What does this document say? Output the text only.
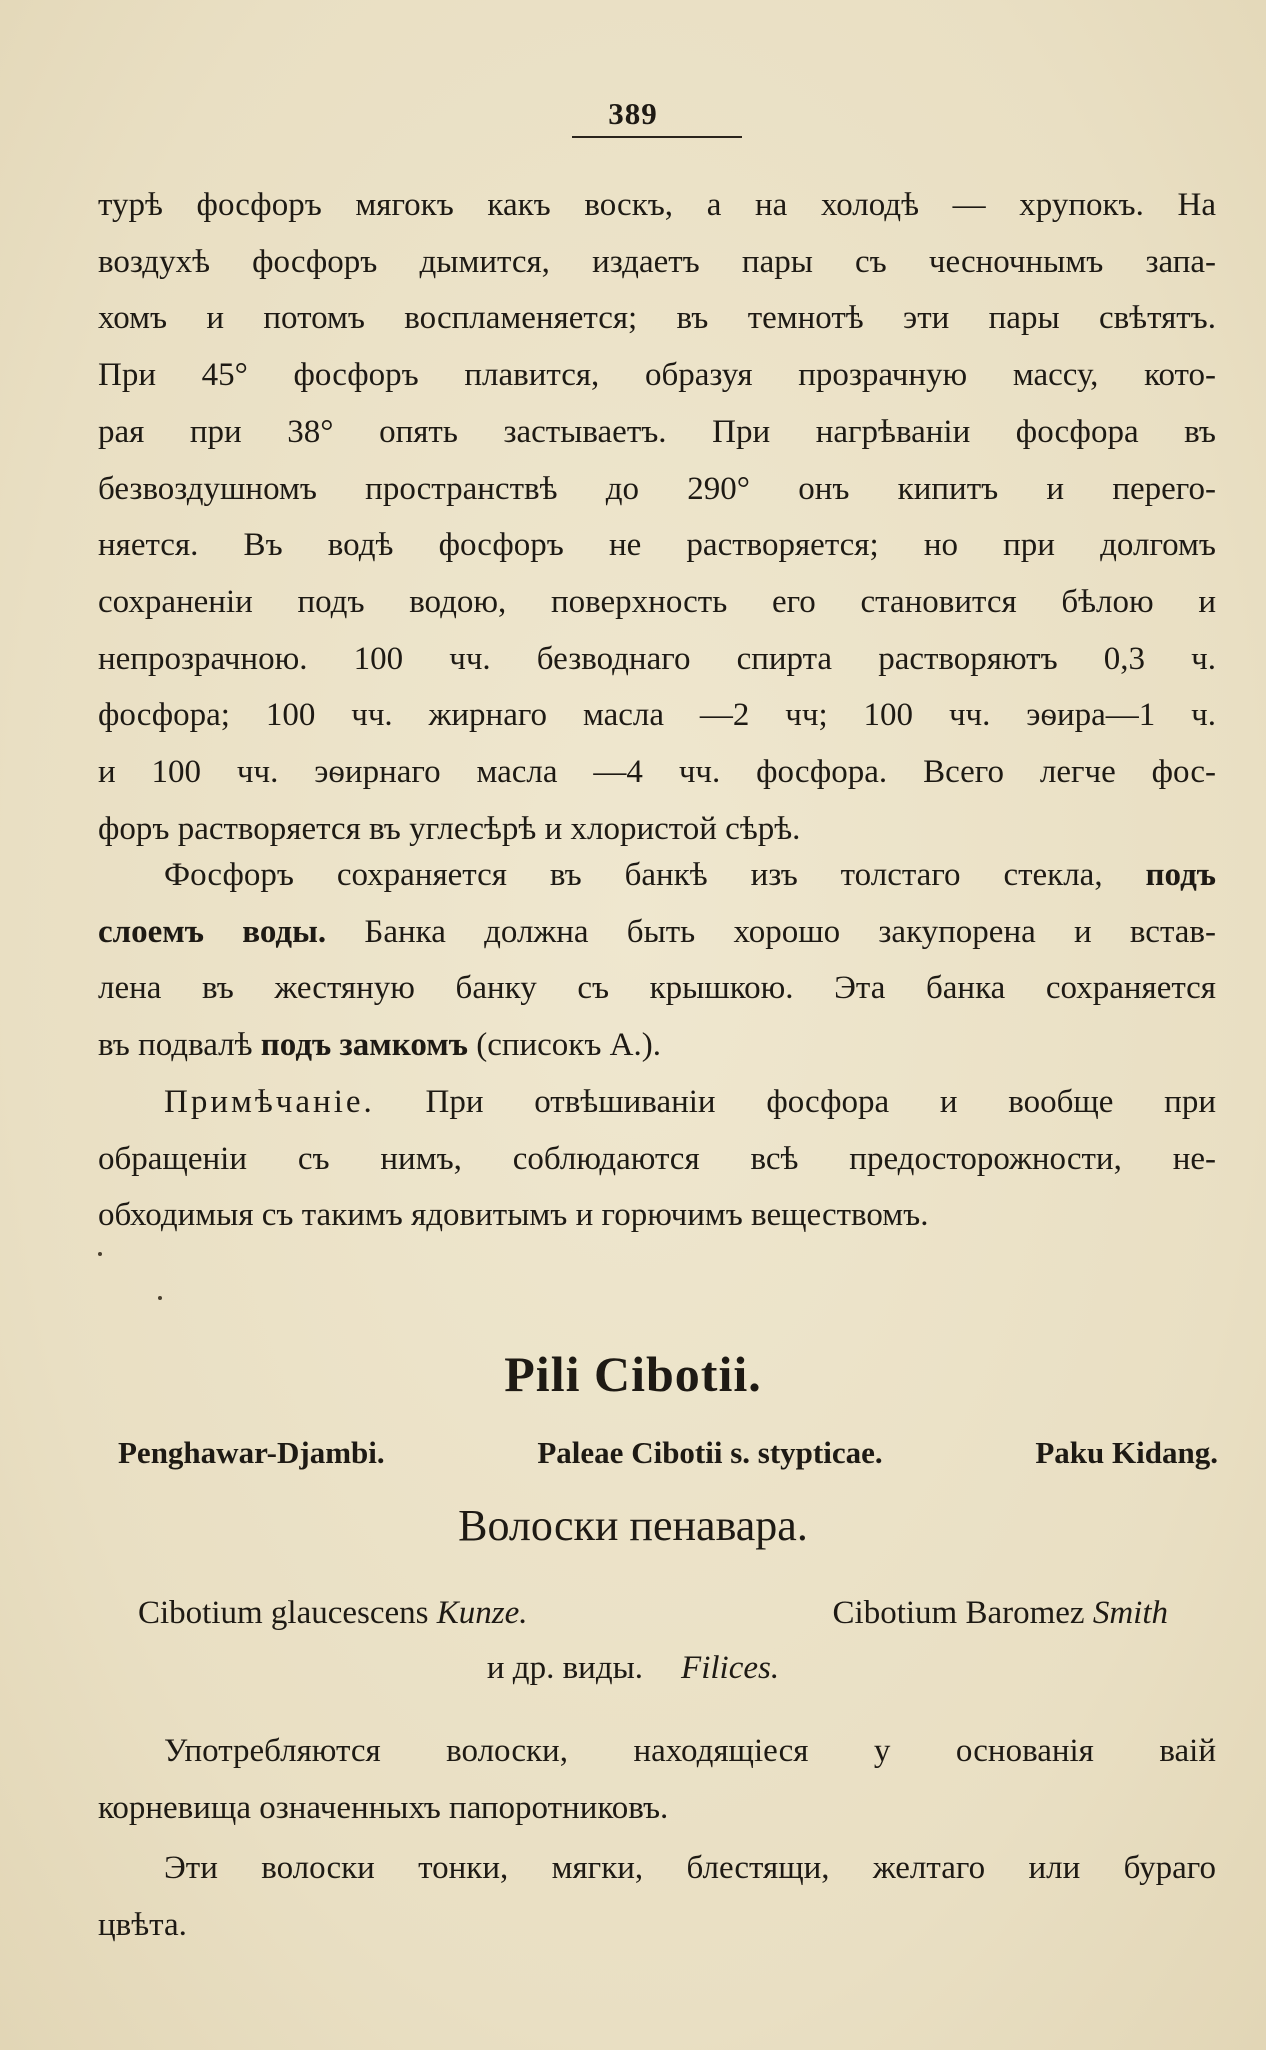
389
турѣ фосфоръ мягокъ какъ воскъ, а на холодѣ — хрупокъ. На
воздухѣ фосфоръ дымится, издаетъ пары съ чесночнымъ запа-
хомъ и потомъ воспламеняется; въ темнотѣ эти пары свѣтятъ.
При 45° фосфоръ плавится, образуя прозрачную массу, кото-
рая при 38° опять застываетъ. При нагрѣваніи фосфора въ
безвоздушномъ пространствѣ до 290° онъ кипитъ и перего-
няется. Въ водѣ фосфоръ не растворяется; но при долгомъ
сохраненіи подъ водою, поверхность его становится бѣлою и
непрозрачною. 100 чч. безводнаго спирта растворяютъ 0,3 ч.
фосфора; 100 чч. жирнаго масла —2 чч; 100 чч. эѳира—1 ч.
и 100 чч. эѳирнаго масла —4 чч. фосфора. Всего легче фос-
форъ растворяется въ углесѣрѣ и хлористой сѣрѣ.
Фосфоръ сохраняется въ банкѣ изъ толстаго стекла, подъ
слоемъ воды. Банка должна быть хорошо закупорена и встав-
лена въ жестяную банку съ крышкою. Эта банка сохраняется
въ подвалѣ подъ замкомъ (списокъ А.).
Примѣчаніе. При отвѣшиваніи фосфора и вообще при
обращеніи съ нимъ, соблюдаются всѣ предосторожности, не-
обходимыя съ такимъ ядовитымъ и горючимъ веществомъ.
Pili Cibotii.
Penghawar-Djambi.	Paleae Cibotii s. stypticae.	Paku Kidang.
Волоски пенавара.
Cibotium glaucescens Kunze.	Cibotium Baromez Smith
и др. виды. Filices.
Употребляются волоски, находящіеся у основанія ваій
корневища означенныхъ папоротниковъ.
Эти волоски тонки, мягки, блестящи, желтаго или бураго
цвѣта.
